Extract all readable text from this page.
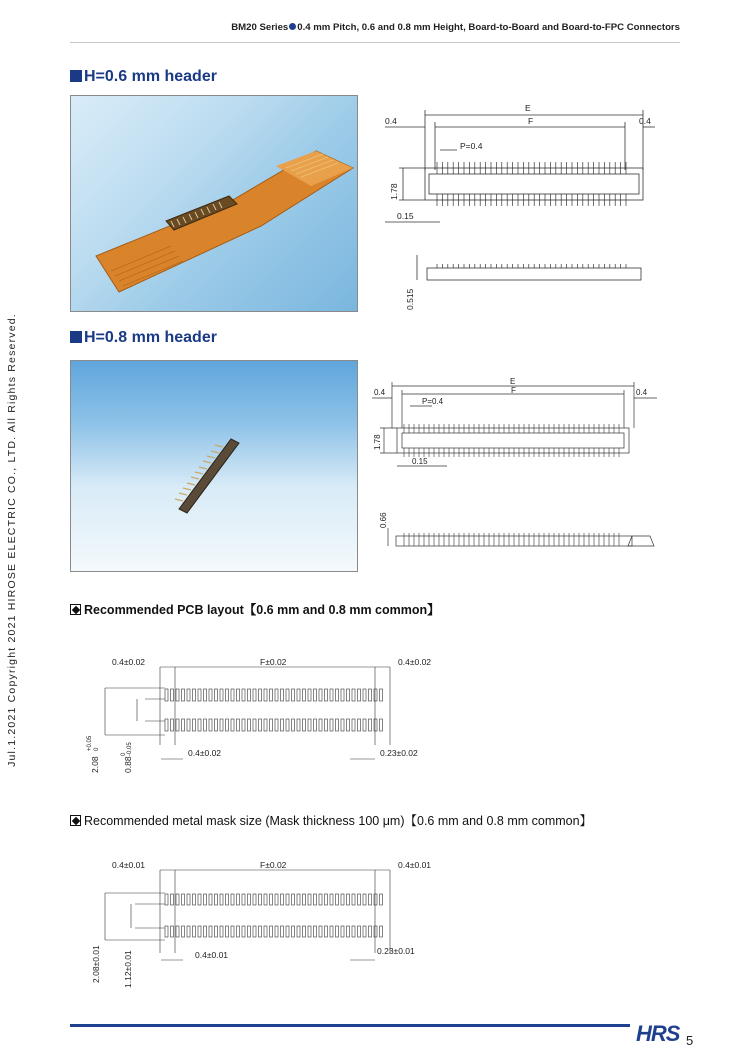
BM20 Series 0.4 mm Pitch, 0.6 and 0.8 mm Height, Board-to-Board and Board-to-FPC Connectors
Jul.1.2021 Copyright 2021 HIROSE ELECTRIC CO., LTD. All Rights Reserved.
H=0.6 mm header
0.4	0.4
E
F
P=0.4
1.78
0.15
0.515
H=0.8 mm header
0.4	0.4
E
F
P=0.4
1.78
0.15
0.66
Recommended PCB layout【0.6 mm and 0.8 mm common】
0.4±0.02	F±0.02	0.4±0.02
0.4±0.02	0.23±0.02
2.08
+0.05 0
0.88
0 -0.05
Recommended metal mask size (Mask thickness 100 μm)【0.6 mm and 0.8 mm common】
0.4±0.01	F±0.02	0.4±0.01
0.4±0.01	0.23±0.01
2.08±0.01	1.12±0.01
HRS 5
